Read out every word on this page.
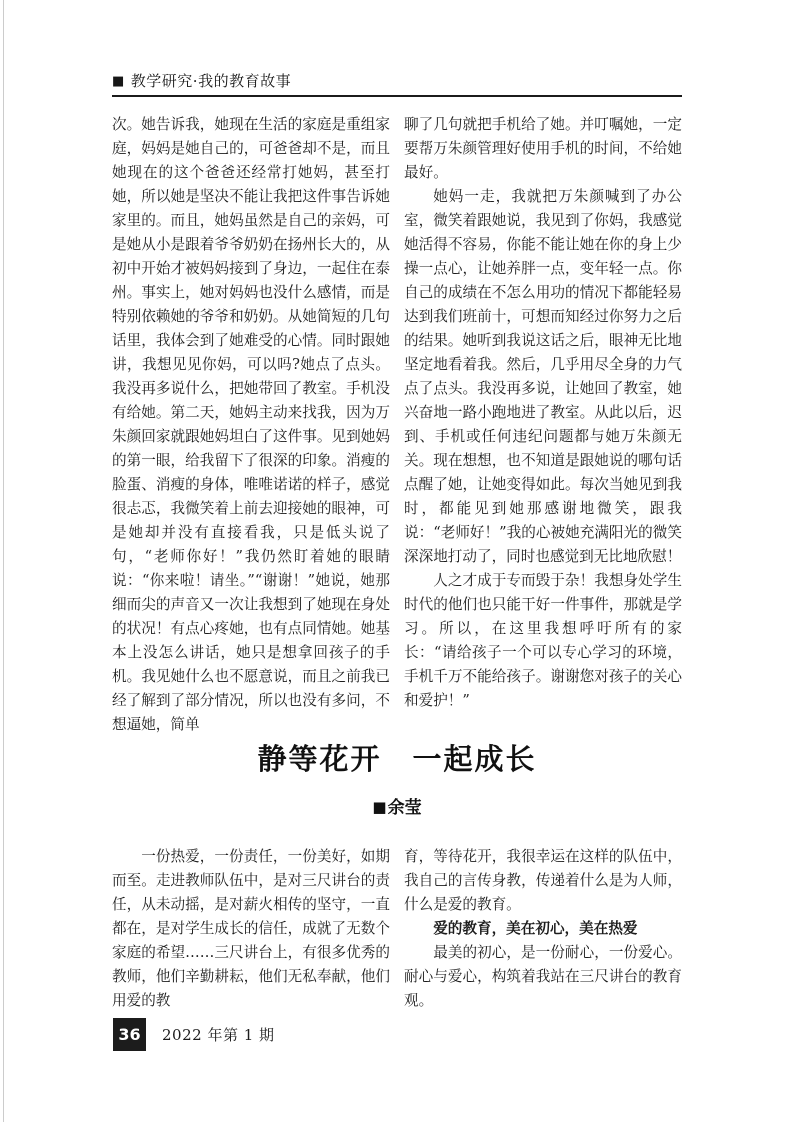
■ 教学研究·我的教育故事

次。她告诉我，她现在生活的家庭是重组家庭，妈妈是她自己的，可爸爸却不是，而且她现在的这个爸爸还经常打她妈，甚至打她，所以她是坚决不能让我把这件事告诉她家里的。而且，她妈虽然是自己的亲妈，可是她从小是跟着爷爷奶奶在扬州长大的，从初中开始才被妈妈接到了身边，一起住在泰州。事实上，她对妈妈也没什么感情，而是特别依赖她的爷爷和奶奶。从她简短的几句话里，我体会到了她难受的心情。同时跟她讲，我想见见你妈，可以吗?她点了点头。我没再多说什么，把她带回了教室。手机没有给她。第二天，她妈主动来找我，因为万朱颜回家就跟她妈坦白了这件事。见到她妈的第一眼，给我留下了很深的印象。消瘦的脸蛋、消瘦的身体，唯唯诺诺的样子，感觉很忐忑，我微笑着上前去迎接她的眼神，可是她却并没有直接看我，只是低头说了句，“老师你好！”我仍然盯着她的眼睛说：“你来啦！请坐。”“谢谢！”她说，她那细而尖的声音又一次让我想到了她现在身处的状况！有点心疼她，也有点同情她。她基本上没怎么讲话，她只是想拿回孩子的手机。我见她什么也不愿意说，而且之前我已经了解到了部分情况，所以也没有多问，不想逼她，简单

聊了几句就把手机给了她。并叮嘱她，一定要帮万朱颜管理好使用手机的时间，不给她最好。

她妈一走，我就把万朱颜喊到了办公室，微笑着跟她说，我见到了你妈，我感觉她活得不容易，你能不能让她在你的身上少操一点心，让她养胖一点，变年轻一点。你自己的成绩在不怎么用功的情况下都能轻易达到我们班前十，可想而知经过你努力之后的结果。她听到我说这话之后，眼神无比地坚定地看着我。然后，几乎用尽全身的力气点了点头。我没再多说，让她回了教室，她兴奋地一路小跑地进了教室。从此以后，迟到、手机或任何违纪问题都与她万朱颜无关。现在想想，也不知道是跟她说的哪句话点醒了她，让她变得如此。每次当她见到我时，都能见到她那感谢地微笑，跟我说：“老师好！”我的心被她充满阳光的微笑深深地打动了，同时也感觉到无比地欣慰！

人之才成于专而毁于杂！我想身处学生时代的他们也只能干好一件事件，那就是学习。所以，在这里我想呼吁所有的家长：“请给孩子一个可以专心学习的环境，手机千万不能给孩子。谢谢您对孩子的关心和爱护！”

静等花开　一起成长
■余莹

一份热爱，一份责任，一份美好，如期而至。走进教师队伍中，是对三尺讲台的责任，从未动摇，是对薪火相传的坚守，一直都在，是对学生成长的信任，成就了无数个家庭的希望……三尺讲台上，有很多优秀的教师，他们辛勤耕耘，他们无私奉献，他们用爱的教

育，等待花开，我很幸运在这样的队伍中，我自己的言传身教，传递着什么是为人师，什么是爱的教育。

爱的教育，美在初心，美在热爱

最美的初心，是一份耐心，一份爱心。耐心与爱心，构筑着我站在三尺讲台的教育观。

36	2022 年第 1 期
